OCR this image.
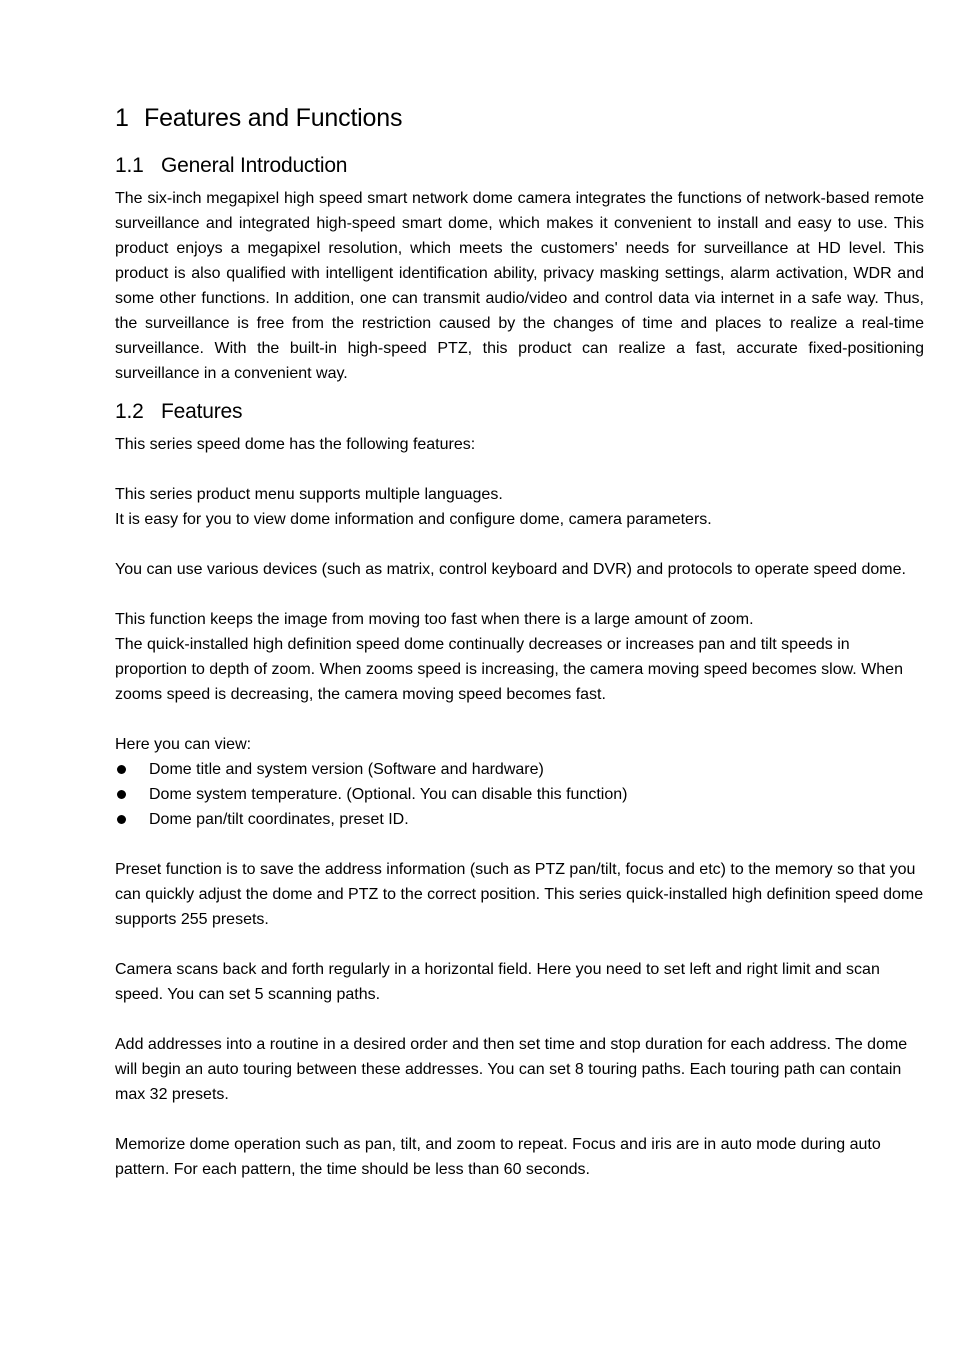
1 Features and Functions
1.1 General Introduction

The six-inch megapixel high speed smart network dome camera integrates the functions of network-based remote surveillance and integrated high-speed smart dome, which makes it convenient to install and easy to use. This product enjoys a megapixel resolution, which meets the customers' needs for surveillance at HD level. This product is also qualified with intelligent identification ability, privacy masking settings, alarm activation, WDR and some other functions. In addition, one can transmit audio/video and control data via internet in a safe way. Thus, the surveillance is free from the restriction caused by the changes of time and places to realize a real-time surveillance. With the built-in high-speed PTZ, this product can realize a fast, accurate fixed-positioning surveillance in a convenient way.

1.2 Features

This series speed dome has the following features:

This series product menu supports multiple languages.

It is easy for you to view dome information and configure dome, camera parameters.

You can use various devices (such as matrix, control keyboard and DVR) and protocols to operate speed dome.

This function keeps the image from moving too fast when there is a large amount of zoom.

The quick-installed high definition speed dome continually decreases or increases pan and tilt speeds in proportion to depth of zoom. When zooms speed is increasing, the camera moving speed becomes slow. When zooms speed is decreasing, the camera moving speed becomes fast.

Here you can view:

Dome title and system version (Software and hardware)
Dome system temperature. (Optional. You can disable this function)
Dome pan/tilt coordinates, preset ID.

Preset function is to save the address information (such as PTZ pan/tilt, focus and etc) to the memory so that you can quickly adjust the dome and PTZ to the correct position. This series quick-installed high definition speed dome supports 255 presets.

Camera scans back and forth regularly in a horizontal field. Here you need to set left and right limit and scan speed. You can set 5 scanning paths.

Add addresses into a routine in a desired order and then set time and stop duration for each address. The dome will begin an auto touring between these addresses. You can set 8 touring paths. Each touring path can contain max 32 presets.

Memorize dome operation such as pan, tilt, and zoom to repeat. Focus and iris are in auto mode during auto pattern. For each pattern, the time should be less than 60 seconds.
